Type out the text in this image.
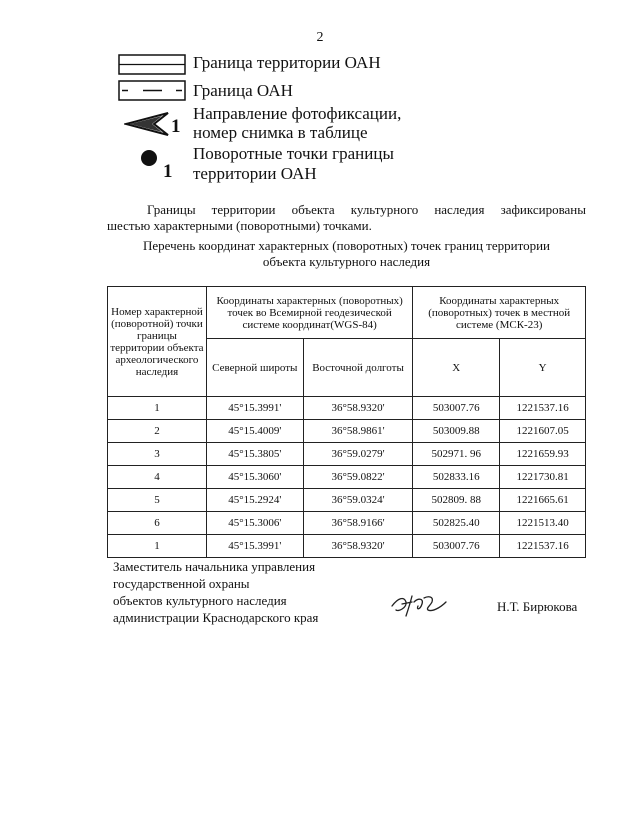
2
Граница территории ОАН
Граница ОАН
1
Направление фотофиксации,
номер снимка в таблице
1
Поворотные точки границы
территории ОАН
Границы территории объекта культурного наследия зафиксированы
шестью характерными (поворотными) точками.
Перечень координат характерных (поворотных) точек границ территории
объекта культурного наследия
Номер характерной (поворотной) точки границы территории объекта археологического наследия	Координаты характерных (поворотных) точек во Всемирной геодезической системе координат(WGS-84)		Координаты характерных (поворотных) точек в местной системе (МСК-23)	
	Северной широты	Восточной долготы	X	Y
1	45°15.3991'	36°58.9320'	503007.76	1221537.16
2	45°15.4009'	36°58.9861'	503009.88	1221607.05
3	45°15.3805'	36°59.0279'	502971. 96	1221659.93
4	45°15.3060'	36°59.0822'	502833.16	1221730.81
5	45°15.2924'	36°59.0324'	502809. 88	1221665.61
6	45°15.3006'	36°58.9166'	502825.40	1221513.40
1	45°15.3991'	36°58.9320'	503007.76	1221537.16
Заместитель начальника управления
государственной охраны
объектов культурного наследия
администрации Краснодарского края
Н.Т. Бирюкова
